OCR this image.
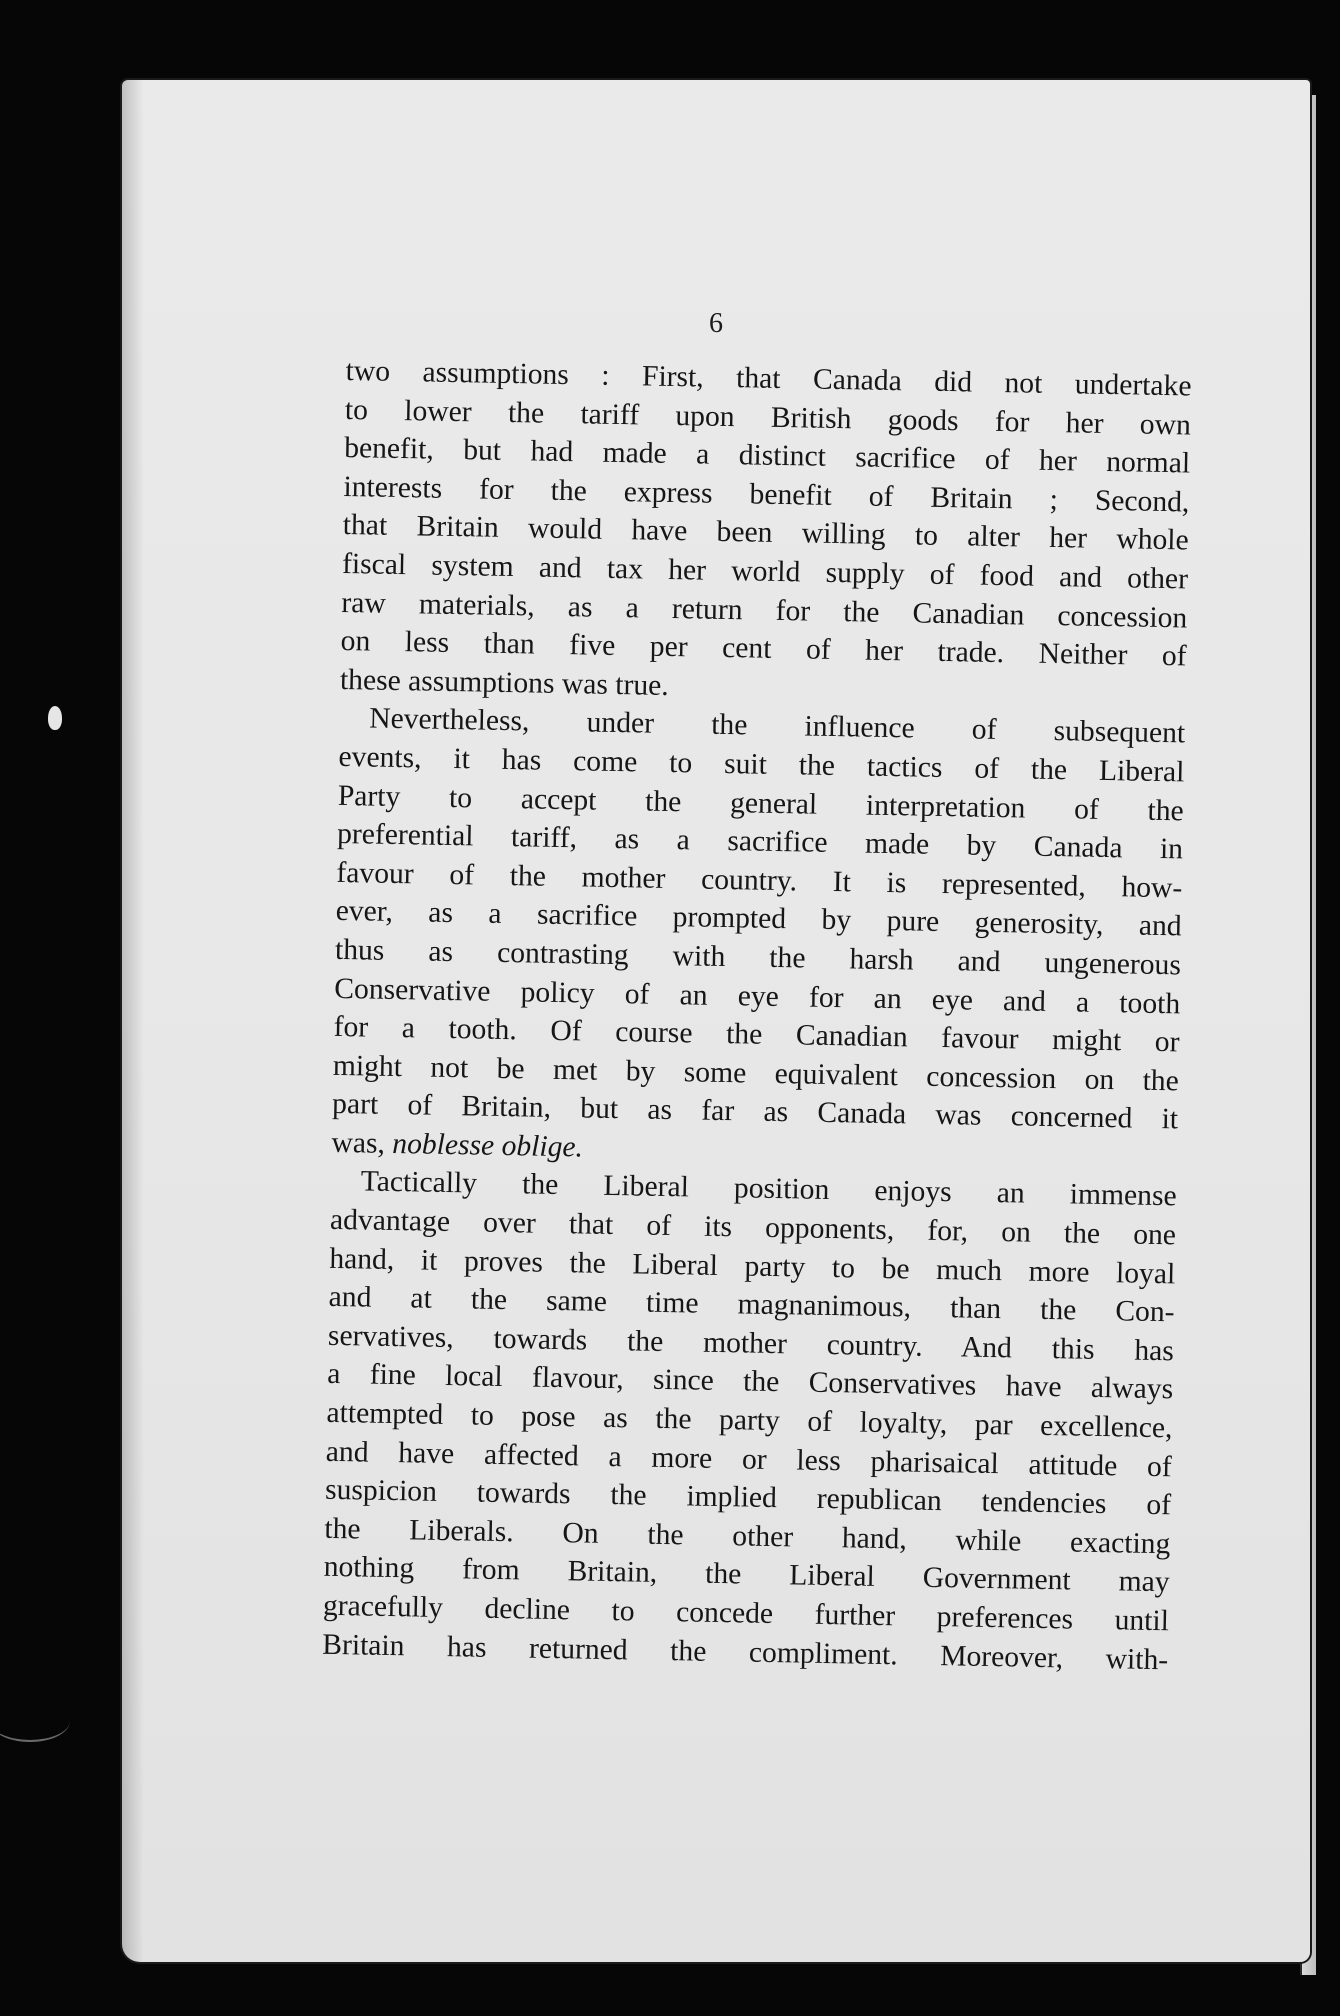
6
two assumptions : First, that Canada did not undertake
to lower the tariff upon British goods for her own
benefit, but had made a distinct sacrifice of her normal
interests for the express benefit of Britain ; Second,
that Britain would have been willing to alter her whole
fiscal system and tax her world supply of food and other
raw materials, as a return for the Canadian concession
on less than five per cent of her trade. Neither of
these assumptions was true.
Nevertheless, under the influence of subsequent
events, it has come to suit the tactics of the Liberal
Party to accept the general interpretation of the
preferential tariff, as a sacrifice made by Canada in
favour of the mother country. It is represented, how-
ever, as a sacrifice prompted by pure generosity, and
thus as contrasting with the harsh and ungenerous
Conservative policy of an eye for an eye and a tooth
for a tooth. Of course the Canadian favour might or
might not be met by some equivalent concession on the
part of Britain, but as far as Canada was concerned it
was, noblesse oblige.
Tactically the Liberal position enjoys an immense
advantage over that of its opponents, for, on the one
hand, it proves the Liberal party to be much more loyal
and at the same time magnanimous, than the Con-
servatives, towards the mother country. And this has
a fine local flavour, since the Conservatives have always
attempted to pose as the party of loyalty, par excellence,
and have affected a more or less pharisaical attitude of
suspicion towards the implied republican tendencies of
the Liberals. On the other hand, while exacting
nothing from Britain, the Liberal Government may
gracefully decline to concede further preferences until
Britain has returned the compliment. Moreover, with-
